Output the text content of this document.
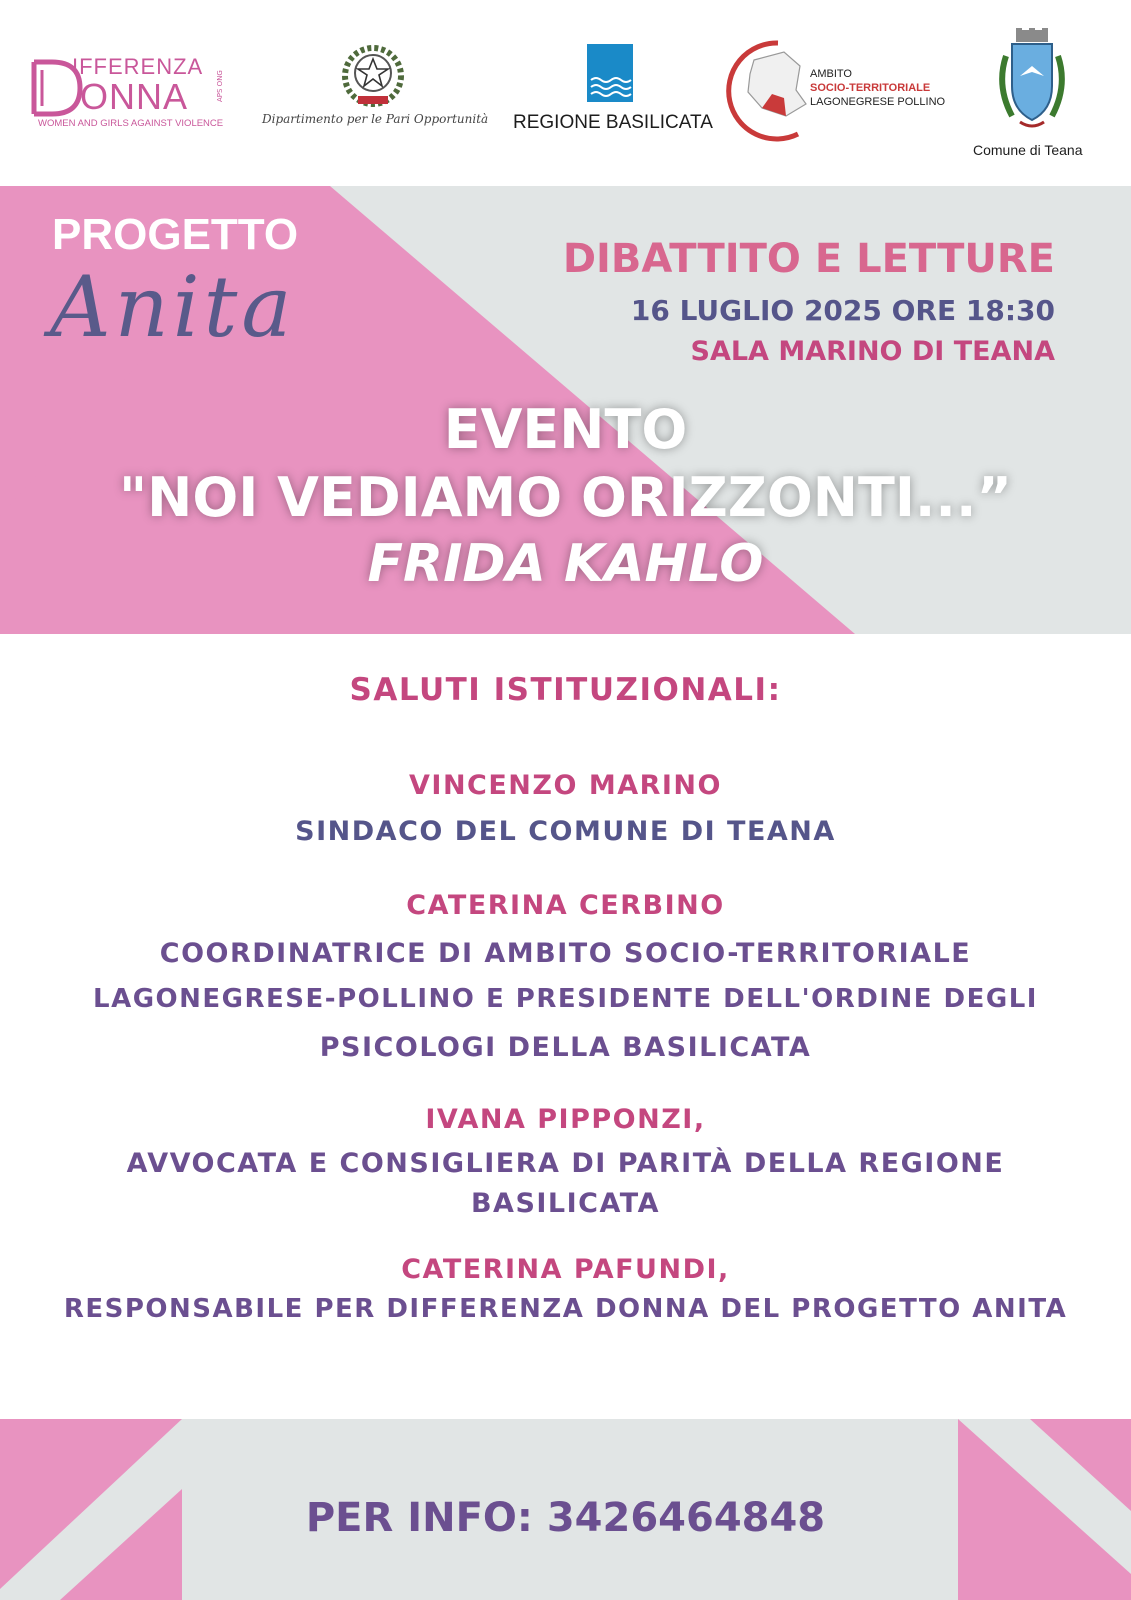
IFFERENZA
ONNA	APS ONG
WOMEN AND GIRLS AGAINST VIOLENCE	Dipartimento per le Pari Opportunità REGIONE BASILICATA
AMBITO
SOCIO-TERRITORIALE
LAGONEGRESE POLLINO
Comune di Teana
PROGETTO
Anita	DIBATTITO E LETTURE
16 LUGLIO 2025 ORE 18:30
SALA MARINO DI TEANA
EVENTO
"NOI VEDIAMO ORIZZONTI...”
FRIDA KAHLO
SALUTI ISTITUZIONALI:
VINCENZO MARINO
SINDACO DEL COMUNE DI TEANA
CATERINA CERBINO
COORDINATRICE DI AMBITO SOCIO-TERRITORIALE
LAGONEGRESE-POLLINO E PRESIDENTE DELL'ORDINE DEGLI
PSICOLOGI DELLA BASILICATA
IVANA PIPPONZI,
AVVOCATA E CONSIGLIERA DI PARITÀ DELLA REGIONE
BASILICATA
CATERINA PAFUNDI,
RESPONSABILE PER DIFFERENZA DONNA DEL PROGETTO ANITA
PER INFO: 3426464848
